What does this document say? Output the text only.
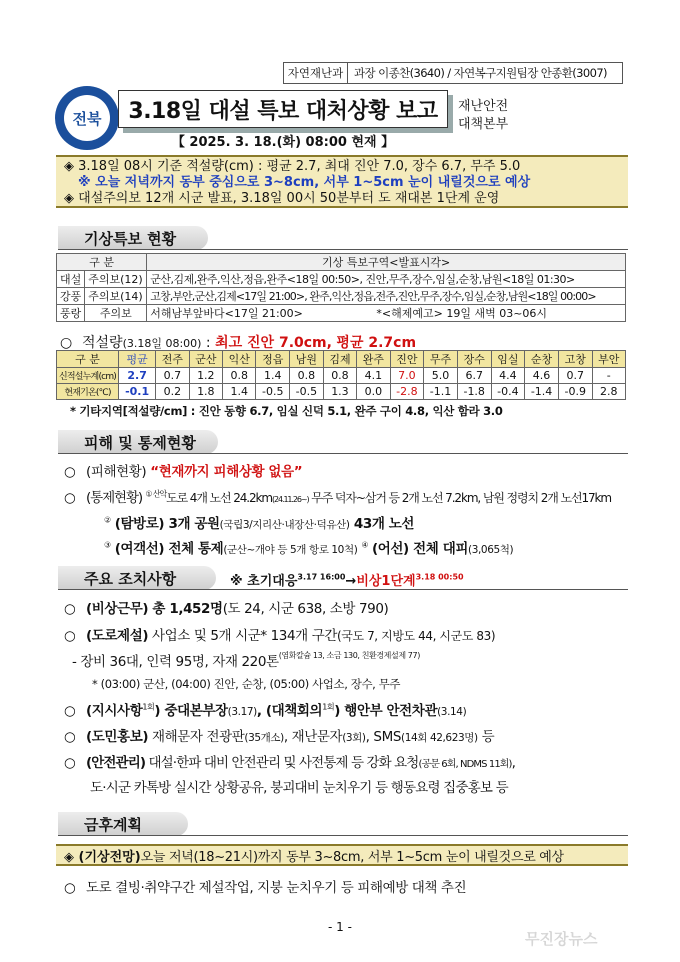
자연재난과 과장 이종찬(3640) / 자연복구지원팀장 안종환(3007)
전북	3.18일 대설 특보 대처상황 보고
【 2025. 3. 18.(화) 08:00 현재 】
재난안전
대책본부
◈ 3.18일 08시 기준 적설량(cm) : 평균 2.7, 최대 진안 7.0, 장수 6.7, 무주 5.0
※ 오늘 저녁까지 동부 중심으로 3~8cm, 서부 1~5cm 눈이 내릴것으로 예상
◈ 대설주의보 12개 시군 발표, 3.18일 00시 50분부터 도 재대본 1단계 운영
기상특보 현황
구 분		기상 특보구역<발표시각>
대설	주의보(12)	군산,김제,완주,익산,정읍,완주<18일 00:50>, 진안,무주,장수,임실,순창,남원<18일 01:30>
강풍	주의보(14)	고창,부안,군산,김제<17일 21:00>, 완주,익산,정읍,전주,진안,무주,장수,임실,순창,남원<18일 00:00>
풍랑	주의보	서해남부앞바다<17일 21:00> *<해제예고> 19일 새벽 03~06시
○ 적설량(3.18일 08:00) : 최고 진안 7.0cm, 평균 2.7cm
구 분	평균	전주	군산	익산	정읍	남원	김제	완주	진안	무주	장수	임실	순창	고창	부안
신적설누계(cm)	2.7	0.7	1.2	0.8	1.4	0.8	0.8	4.1	7.0	5.0	6.7	4.4	4.6	0.7	-
현재기온(℃)	-0.1	0.2	1.8	1.4	-0.5	-0.5	1.3	0.0	-2.8	-1.1	-1.8	-0.4	-1.4	-0.9	2.8
* 기타지역[적설량/cm] : 진안 동향 6.7, 임실 신덕 5.1, 완주 구이 4.8, 익산 함라 3.0
피해 및 통제현황
○ (피해현황) “현재까지 피해상황 없음”
○ (통제현황) $^{① 산악}$도로 4개 노선 24.2km(24.11.26~) 무주 덕자~삼거 등 2개 노선 7.2km, 남원 정령치 2개 노선17km
② (탐방로) 3개 공원(국립3/지리산·내장산·덕유산) 43개 노선
③ (여객선) 전체 통제(군산~개야 등 5개 항로 10척) ④ (어선) 전체 대피(3,065척)
주요 조치사항	※ 초기대응$^{3.17 16:00}$→비상1단계$^{3.18 00:50}$
○ (비상근무) 총 1,452명(도 24, 시군 638, 소방 790)
○ (도로제설) 사업소 및 5개 시군* 134개 구간(국도 7, 지방도 44, 시군도 83)
- 장비 36대, 인력 95명, 자재 220톤$^{(염화칼슘 13, 소금 130, 친환경제설제 77)}$
* (03:00) 군산, (04:00) 진안, 순창, (05:00) 사업소, 장수, 무주
○ (지시사항$^{1회}$) 중대본부장(3.17), (대책회의$^{1회}$) 행안부 안전차관(3.14)
○ (도민홍보) 재해문자 전광판(35개소), 재난문자(3회), SMS(14회 42,623명) 등
○ (안전관리) 대설·한파 대비 안전관리 및 사전통제 등 강화 요청(공문 6회, NDMS 11회),
도·시군 카톡방 실시간 상황공유, 붕괴대비 눈치우기 등 행동요령 집중홍보 등
금후계획
◈ (기상전망) 오늘 저녁(18~21시)까지 동부 3~8cm, 서부 1~5cm 눈이 내릴것으로 예상
○ 도로 결빙·취약구간 제설작업, 지붕 눈치우기 등 피해예방 대책 추진
- 1 -
무진장뉴스
